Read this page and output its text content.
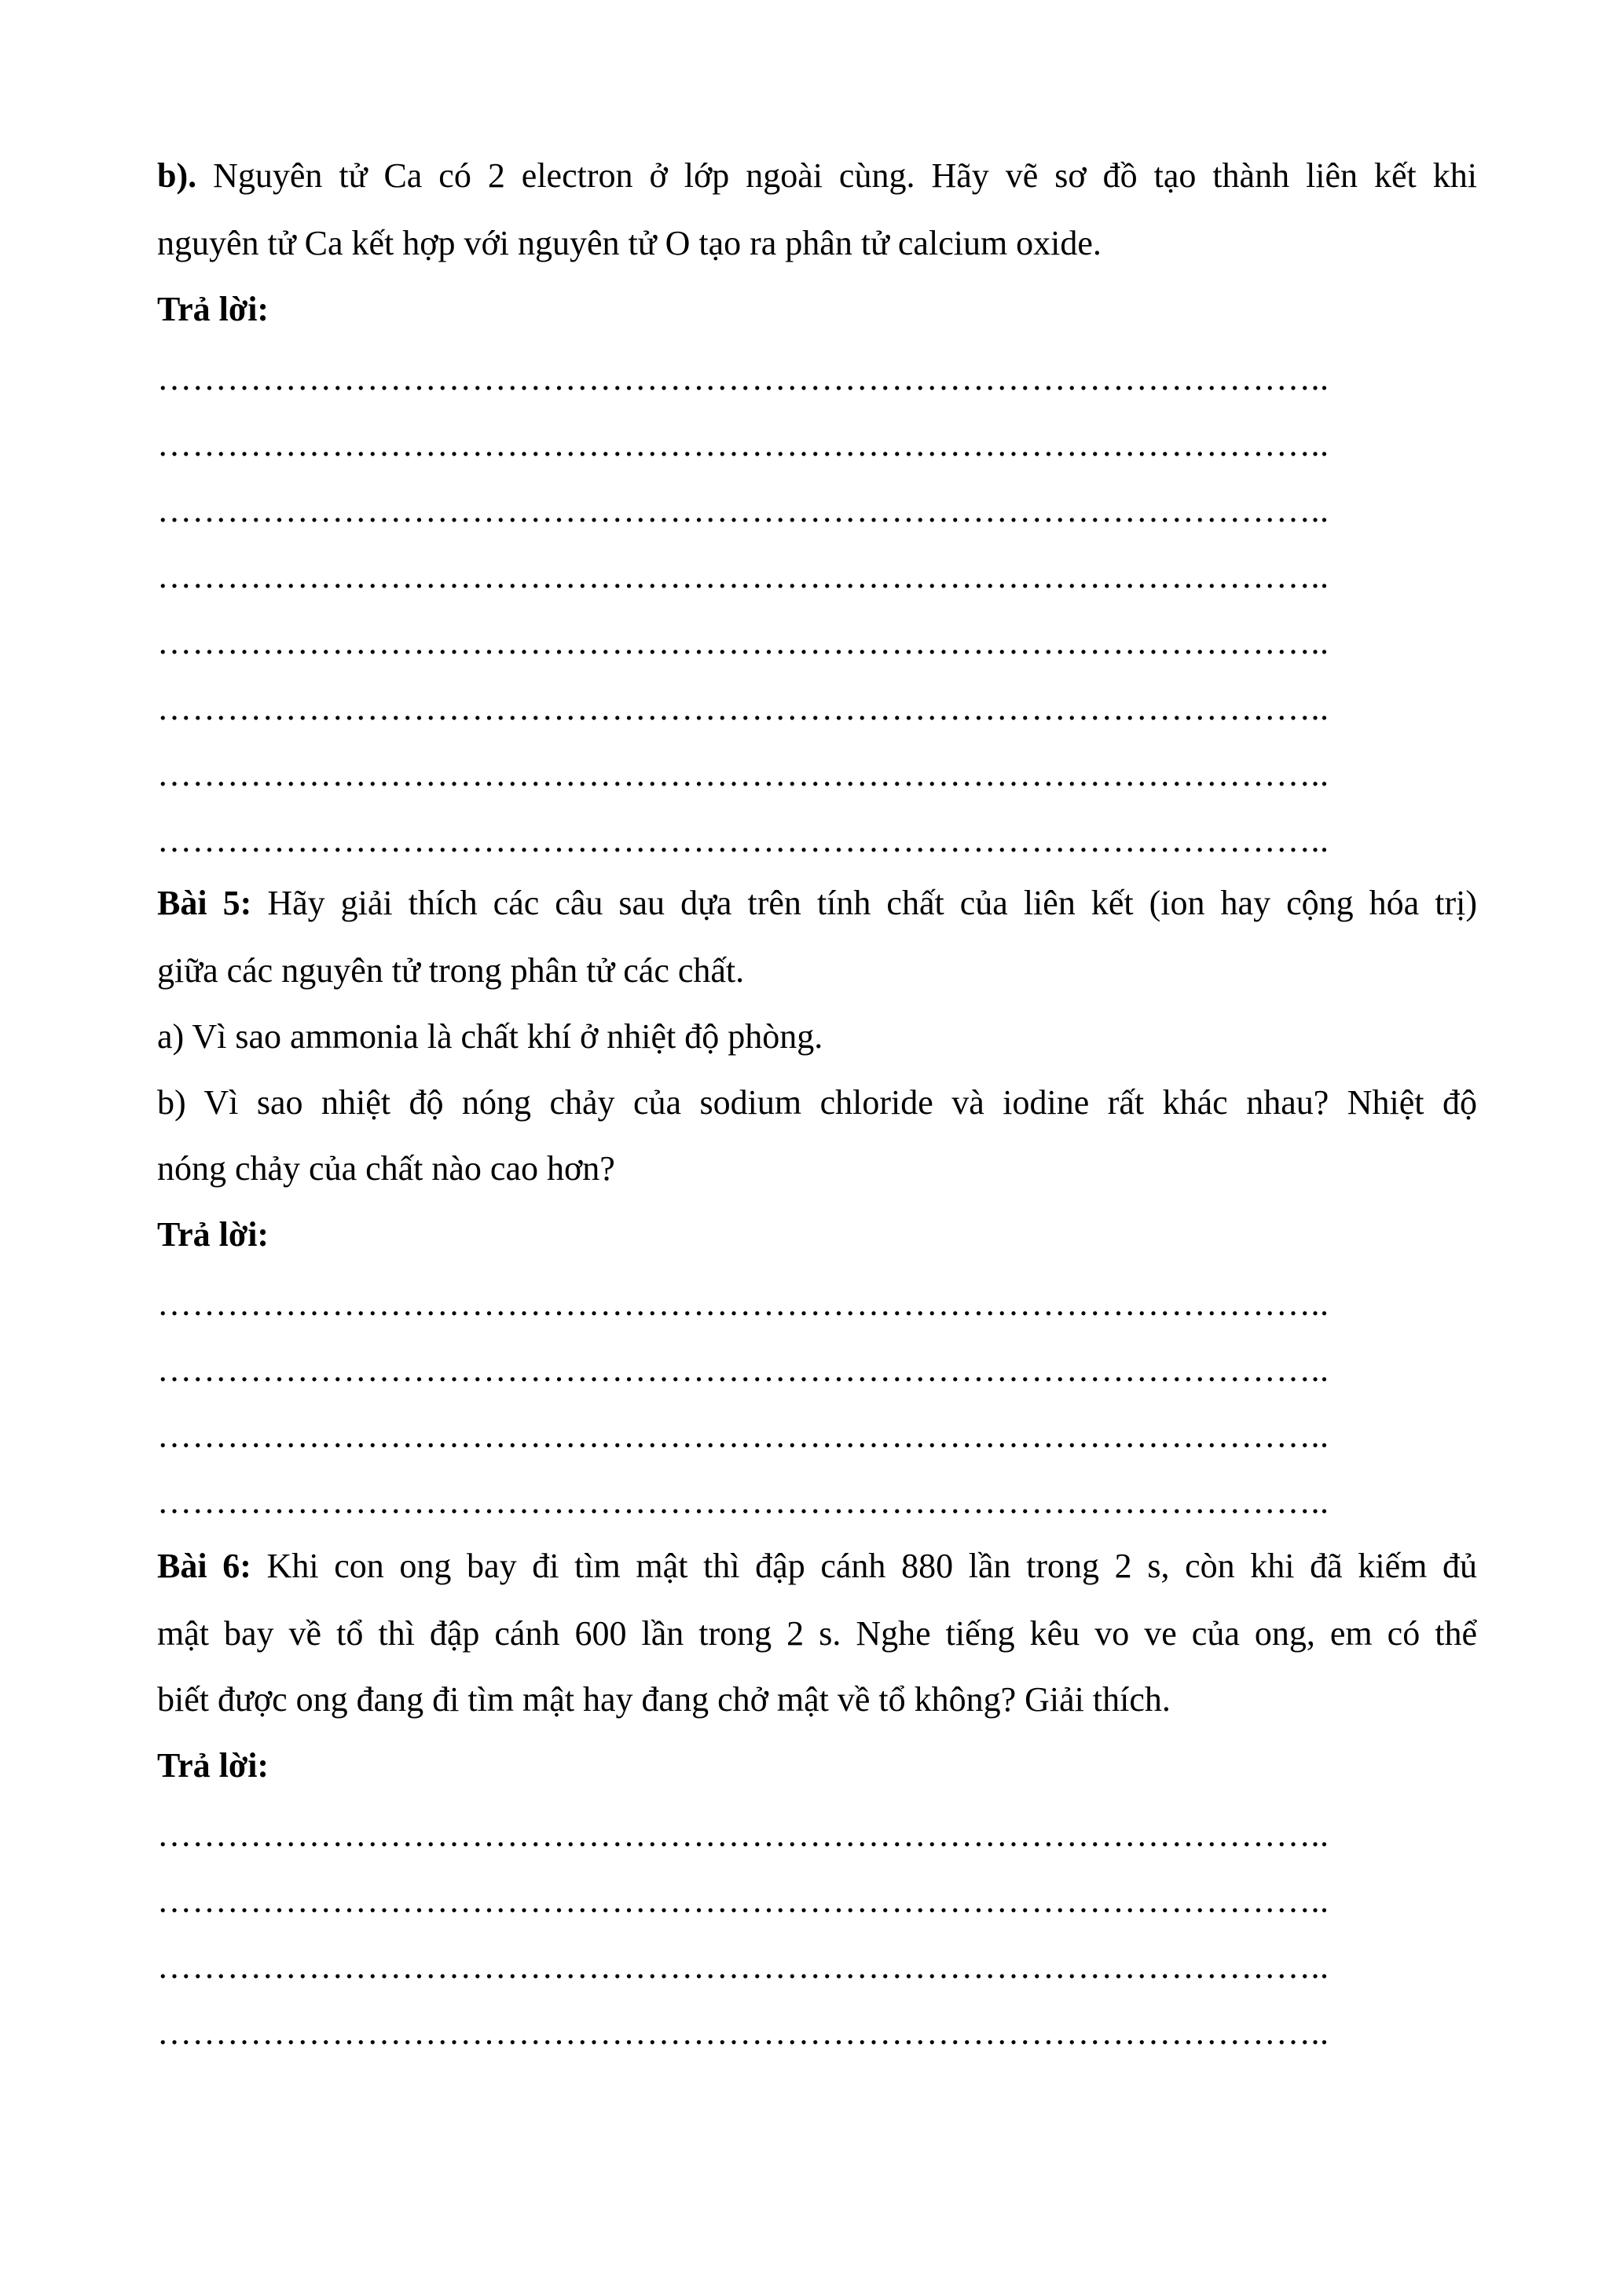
b). Nguyên tử Ca có 2 electron ở lớp ngoài cùng. Hãy vẽ sơ đồ tạo thành liên kết khi
nguyên tử Ca kết hợp với nguyên tử O tạo ra phân tử calcium oxide.
Trả lời:
………………………………………………………………………………………..
………………………………………………………………………………………..
………………………………………………………………………………………..
………………………………………………………………………………………..
………………………………………………………………………………………..
………………………………………………………………………………………..
………………………………………………………………………………………..
………………………………………………………………………………………..
Bài 5: Hãy giải thích các câu sau dựa trên tính chất của liên kết (ion hay cộng hóa trị)
giữa các nguyên tử trong phân tử các chất.
a) Vì sao ammonia là chất khí ở nhiệt độ phòng.
b) Vì sao nhiệt độ nóng chảy của sodium chloride và iodine rất khác nhau? Nhiệt độ
nóng chảy của chất nào cao hơn?
Trả lời:
………………………………………………………………………………………..
………………………………………………………………………………………..
………………………………………………………………………………………..
………………………………………………………………………………………..
Bài 6: Khi con ong bay đi tìm mật thì đập cánh 880 lần trong 2 s, còn khi đã kiếm đủ
mật bay về tổ thì đập cánh 600 lần trong 2 s. Nghe tiếng kêu vo ve của ong, em có thể
biết được ong đang đi tìm mật hay đang chở mật về tổ không? Giải thích.
Trả lời:
………………………………………………………………………………………..
………………………………………………………………………………………..
………………………………………………………………………………………..
………………………………………………………………………………………..
